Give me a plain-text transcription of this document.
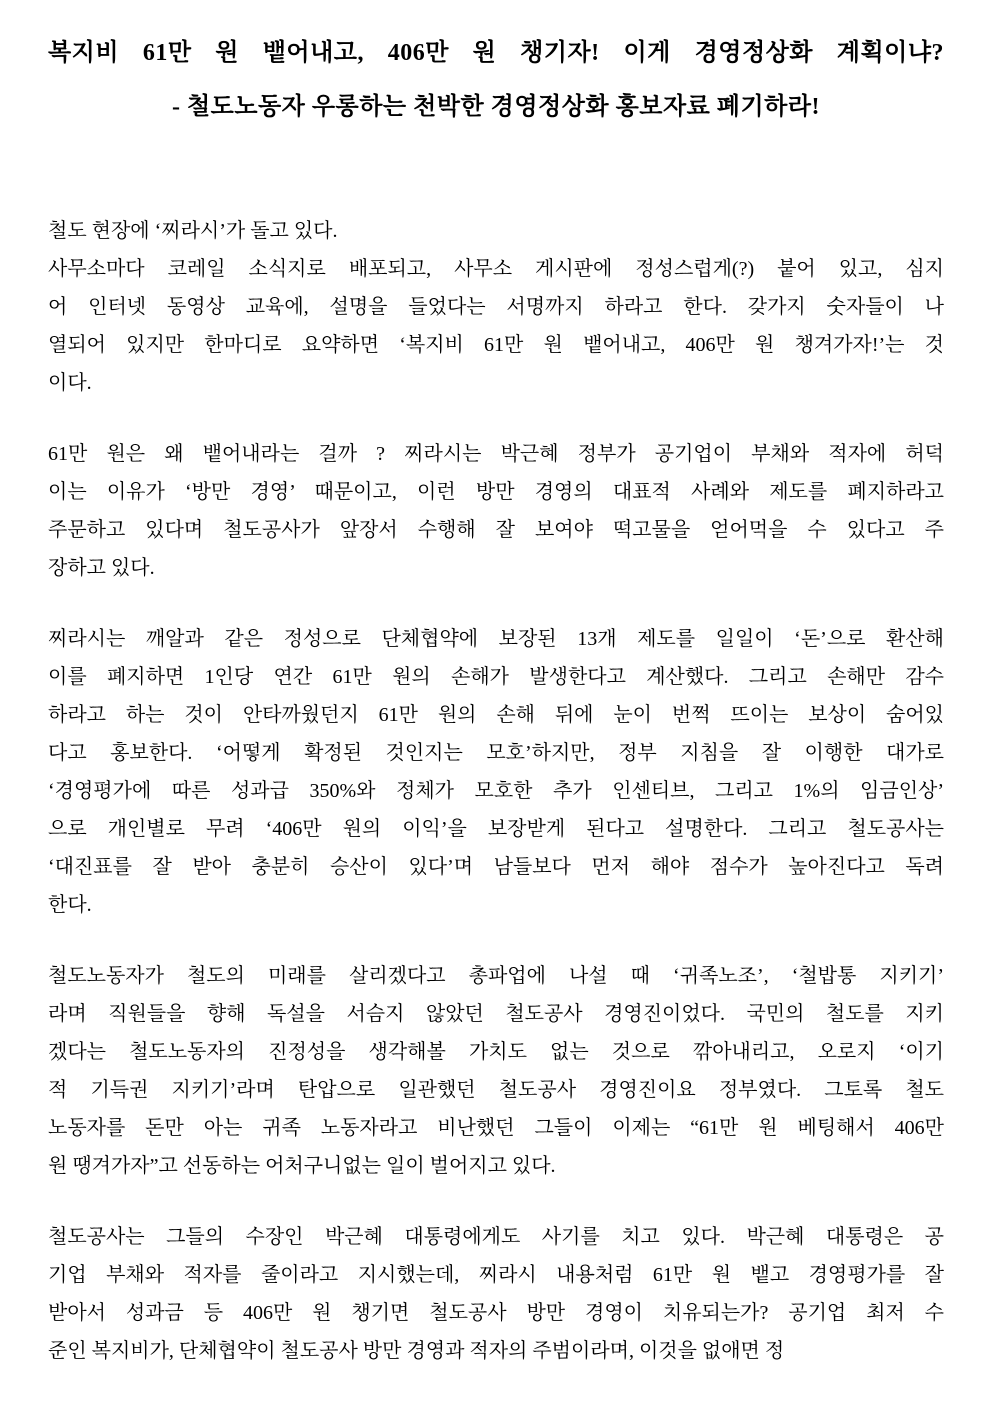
복지비 61만 원 뱉어내고, 406만 원 챙기자! 이게 경영정상화 계획이냐?
- 철도노동자 우롱하는 천박한 경영정상화 홍보자료 폐기하라!
철도 현장에 ‘찌라시’가 돌고 있다.
사무소마다 코레일 소식지로 배포되고, 사무소 게시판에 정성스럽게(?) 붙어 있고, 심지
어 인터넷 동영상 교육에, 설명을 들었다는 서명까지 하라고 한다. 갖가지 숫자들이 나
열되어 있지만 한마디로 요약하면 ‘복지비 61만 원 뱉어내고, 406만 원 챙겨가자!’는 것
이다.
61만 원은 왜 뱉어내라는 걸까 ? 찌라시는 박근혜 정부가 공기업이 부채와 적자에 허덕
이는 이유가 ‘방만 경영’ 때문이고, 이런 방만 경영의 대표적 사례와 제도를 폐지하라고
주문하고 있다며 철도공사가 앞장서 수행해 잘 보여야 떡고물을 얻어먹을 수 있다고 주
장하고 있다.
찌라시는 깨알과 같은 정성으로 단체협약에 보장된 13개 제도를 일일이 ‘돈’으로 환산해
이를 폐지하면 1인당 연간 61만 원의 손해가 발생한다고 계산했다. 그리고 손해만 감수
하라고 하는 것이 안타까웠던지 61만 원의 손해 뒤에 눈이 번쩍 뜨이는 보상이 숨어있
다고 홍보한다. ‘어떻게 확정된 것인지는 모호’하지만, 정부 지침을 잘 이행한 대가로
‘경영평가에 따른 성과급 350%와 정체가 모호한 추가 인센티브, 그리고 1%의 임금인상’
으로 개인별로 무려 ‘406만 원의 이익’을 보장받게 된다고 설명한다. 그리고 철도공사는
‘대진표를 잘 받아 충분히 승산이 있다’며 남들보다 먼저 해야 점수가 높아진다고 독려
한다.
철도노동자가 철도의 미래를 살리겠다고 총파업에 나설 때 ‘귀족노조’, ‘철밥통 지키기’
라며 직원들을 향해 독설을 서슴지 않았던 철도공사 경영진이었다. 국민의 철도를 지키
겠다는 철도노동자의 진정성을 생각해볼 가치도 없는 것으로 깎아내리고, 오로지 ‘이기
적 기득권 지키기’라며 탄압으로 일관했던 철도공사 경영진이요 정부였다. 그토록 철도
노동자를 돈만 아는 귀족 노동자라고 비난했던 그들이 이제는 “61만 원 베팅해서 406만
원 땡겨가자”고 선동하는 어처구니없는 일이 벌어지고 있다.
철도공사는 그들의 수장인 박근혜 대통령에게도 사기를 치고 있다. 박근혜 대통령은 공
기업 부채와 적자를 줄이라고 지시했는데, 찌라시 내용처럼 61만 원 뱉고 경영평가를 잘
받아서 성과금 등 406만 원 챙기면 철도공사 방만 경영이 치유되는가? 공기업 최저 수
준인 복지비가, 단체협약이 철도공사 방만 경영과 적자의 주범이라며, 이것을 없애면 정
